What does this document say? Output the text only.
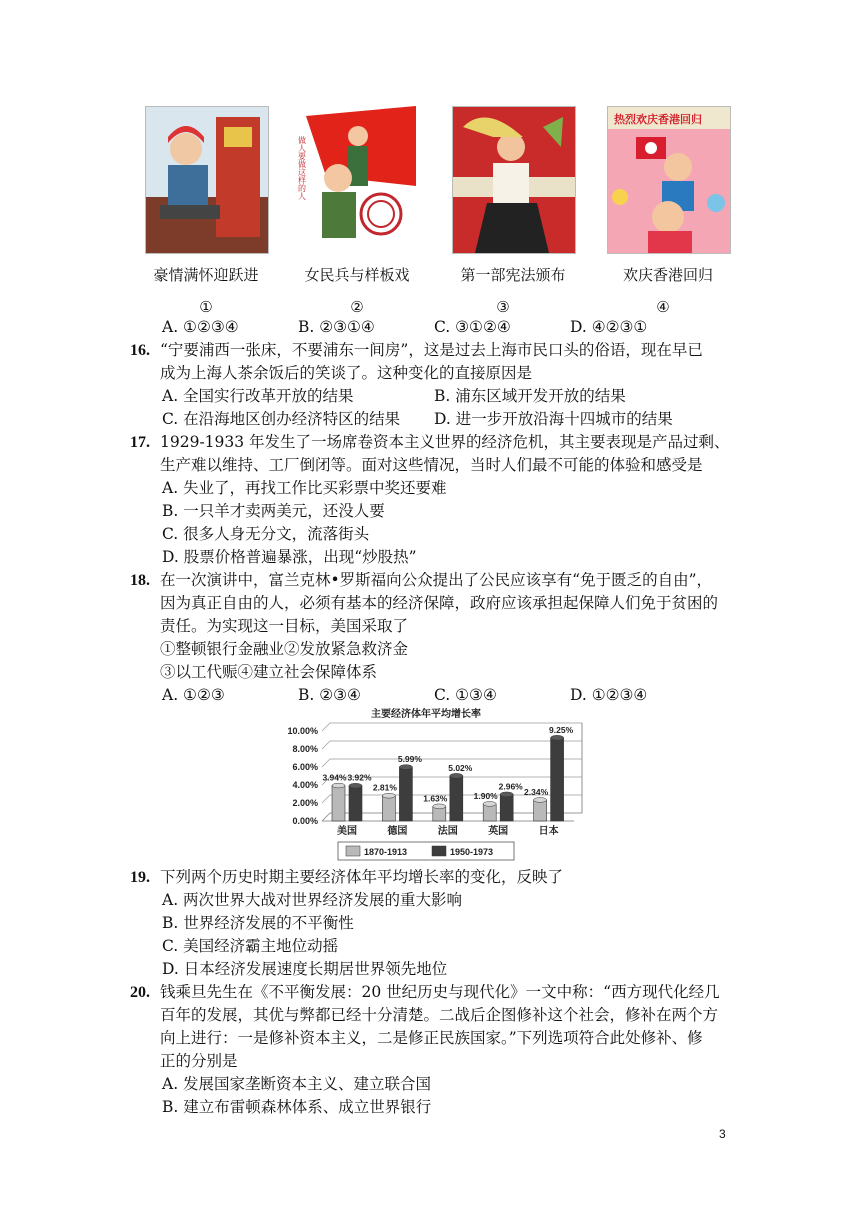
做人要做这样的人
热烈欢庆香港回归
豪情满怀迎跃进	女民兵与样板戏	第一部宪法颁布	欢庆香港回归
①	②	③	④
A. ①②③④	B. ②③①④	C. ③①②④	D. ④②③①
16. “宁要浦西一张床，不要浦东一间房”，这是过去上海市民口头的俗语，现在早已
成为上海人茶余饭后的笑谈了。这种变化的直接原因是
A. 全国实行改革开放的结果	B. 浦东区域开发开放的结果
C. 在沿海地区创办经济特区的结果 D. 进一步开放沿海十四城市的结果
17. 1929-1933 年发生了一场席卷资本主义世界的经济危机，其主要表现是产品过剩、
生产难以维持、工厂倒闭等。面对这些情况，当时人们最不可能的体验和感受是
A. 失业了，再找工作比买彩票中奖还要难
B. 一只羊才卖两美元，还没人要
C. 很多人身无分文，流落街头
D. 股票价格普遍暴涨，出现“炒股热”
18. 在一次演讲中，富兰克林•罗斯福向公众提出了公民应该享有“免于匮乏的自由”，
因为真正自由的人，必须有基本的经济保障，政府应该承担起保障人们免于贫困的
责任。为实现这一目标，美国采取了
①整顿银行金融业②发放紧急救济金
③以工代赈④建立社会保障体系
A. ①②③	B. ②③④	C. ①③④	D. ①②③④
主要经济体年平均增长率
10.00%
8.00%
6.00%
4.00%
2.00%
0.00%
3.94% 3.92%
美国
2.81%
5.99%
德国
1.63%
5.02%
法国
1.90%
2.96%
英国
2.34%
9.25%
日本
1870-1913	1950-1973
19. 下列两个历史时期主要经济体年平均增长率的变化，反映了
A. 两次世界大战对世界经济发展的重大影响
B. 世界经济发展的不平衡性
C. 美国经济霸主地位动摇
D. 日本经济发展速度长期居世界领先地位
20. 钱乘旦先生在《不平衡发展：20 世纪历史与现代化》一文中称：“西方现代化经几
百年的发展，其优与弊都已经十分清楚。二战后企图修补这个社会，修补在两个方
向上进行：一是修补资本主义，二是修正民族国家。”下列选项符合此处修补、修
正的分别是
A. 发展国家垄断资本主义、建立联合国
B. 建立布雷顿森林体系、成立世界银行
3
